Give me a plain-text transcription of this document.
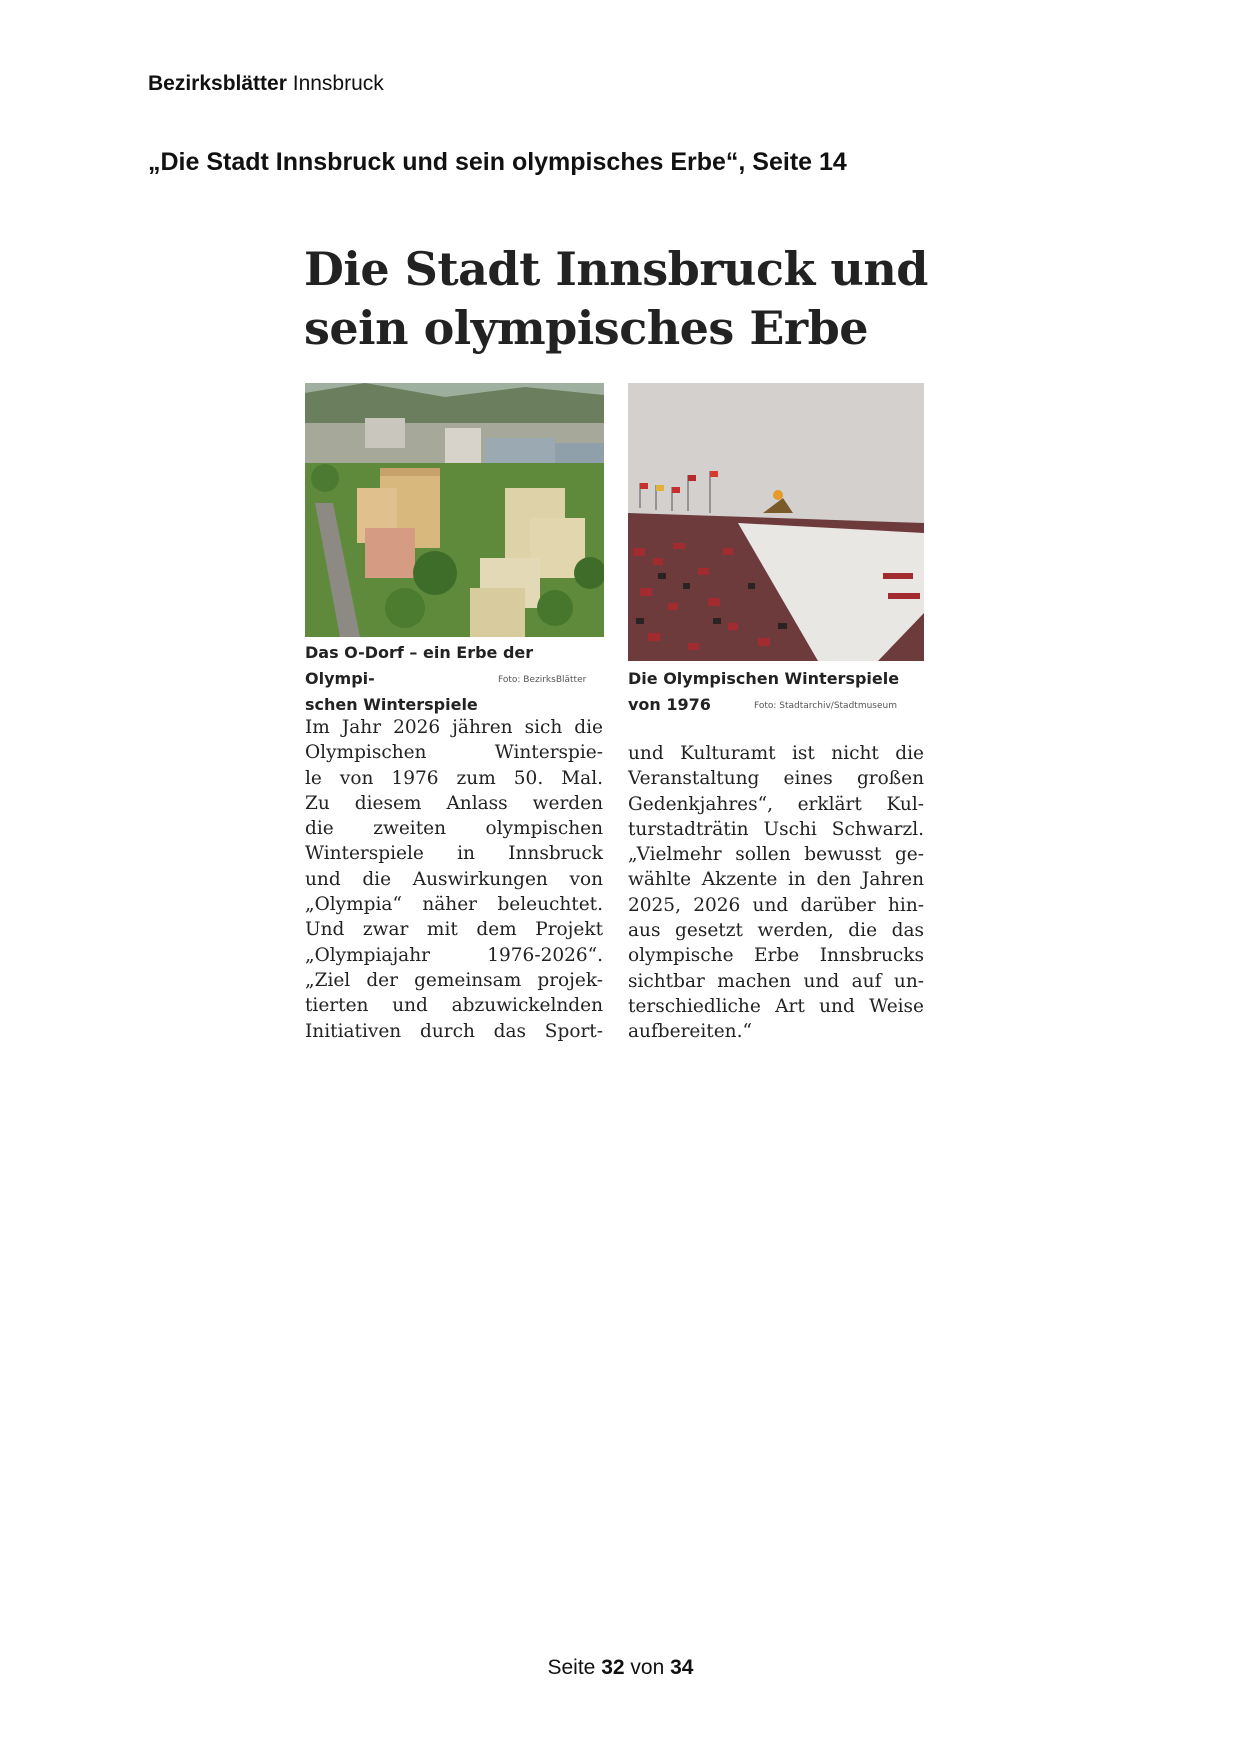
Bezirksblätter Innsbruck
„Die Stadt Innsbruck und sein olympisches Erbe“, Seite 14
Die Stadt Innsbruck und
sein olympisches Erbe
Das O-Dorf – ein Erbe der Olympi-
schen Winterspiele
Foto: BezirksBlätter	Die Olympischen Winterspiele
von 1976	Foto: Stadtarchiv/Stadtmuseum
Im Jahr 2026 jähren sich die
Olympischen Winterspie-
le von 1976 zum 50. Mal.
Zu diesem Anlass werden
die zweiten olympischen
Winterspiele in Innsbruck
und die Auswirkungen von
„Olympia“ näher beleuchtet.
Und zwar mit dem Projekt
„Olympiajahr 1976-2026“.
„Ziel der gemeinsam projek-
tierten und abzuwickelnden
Initiativen durch das Sport-
und Kulturamt ist nicht die
Veranstaltung eines großen
Gedenkjahres“, erklärt Kul-
turstadträtin Uschi Schwarzl.
„Vielmehr sollen bewusst ge-
wählte Akzente in den Jahren
2025, 2026 und darüber hin-
aus gesetzt werden, die das
olympische Erbe Innsbrucks
sichtbar machen und auf un-
terschiedliche Art und Weise
aufbereiten.“
Seite 32 von 34
